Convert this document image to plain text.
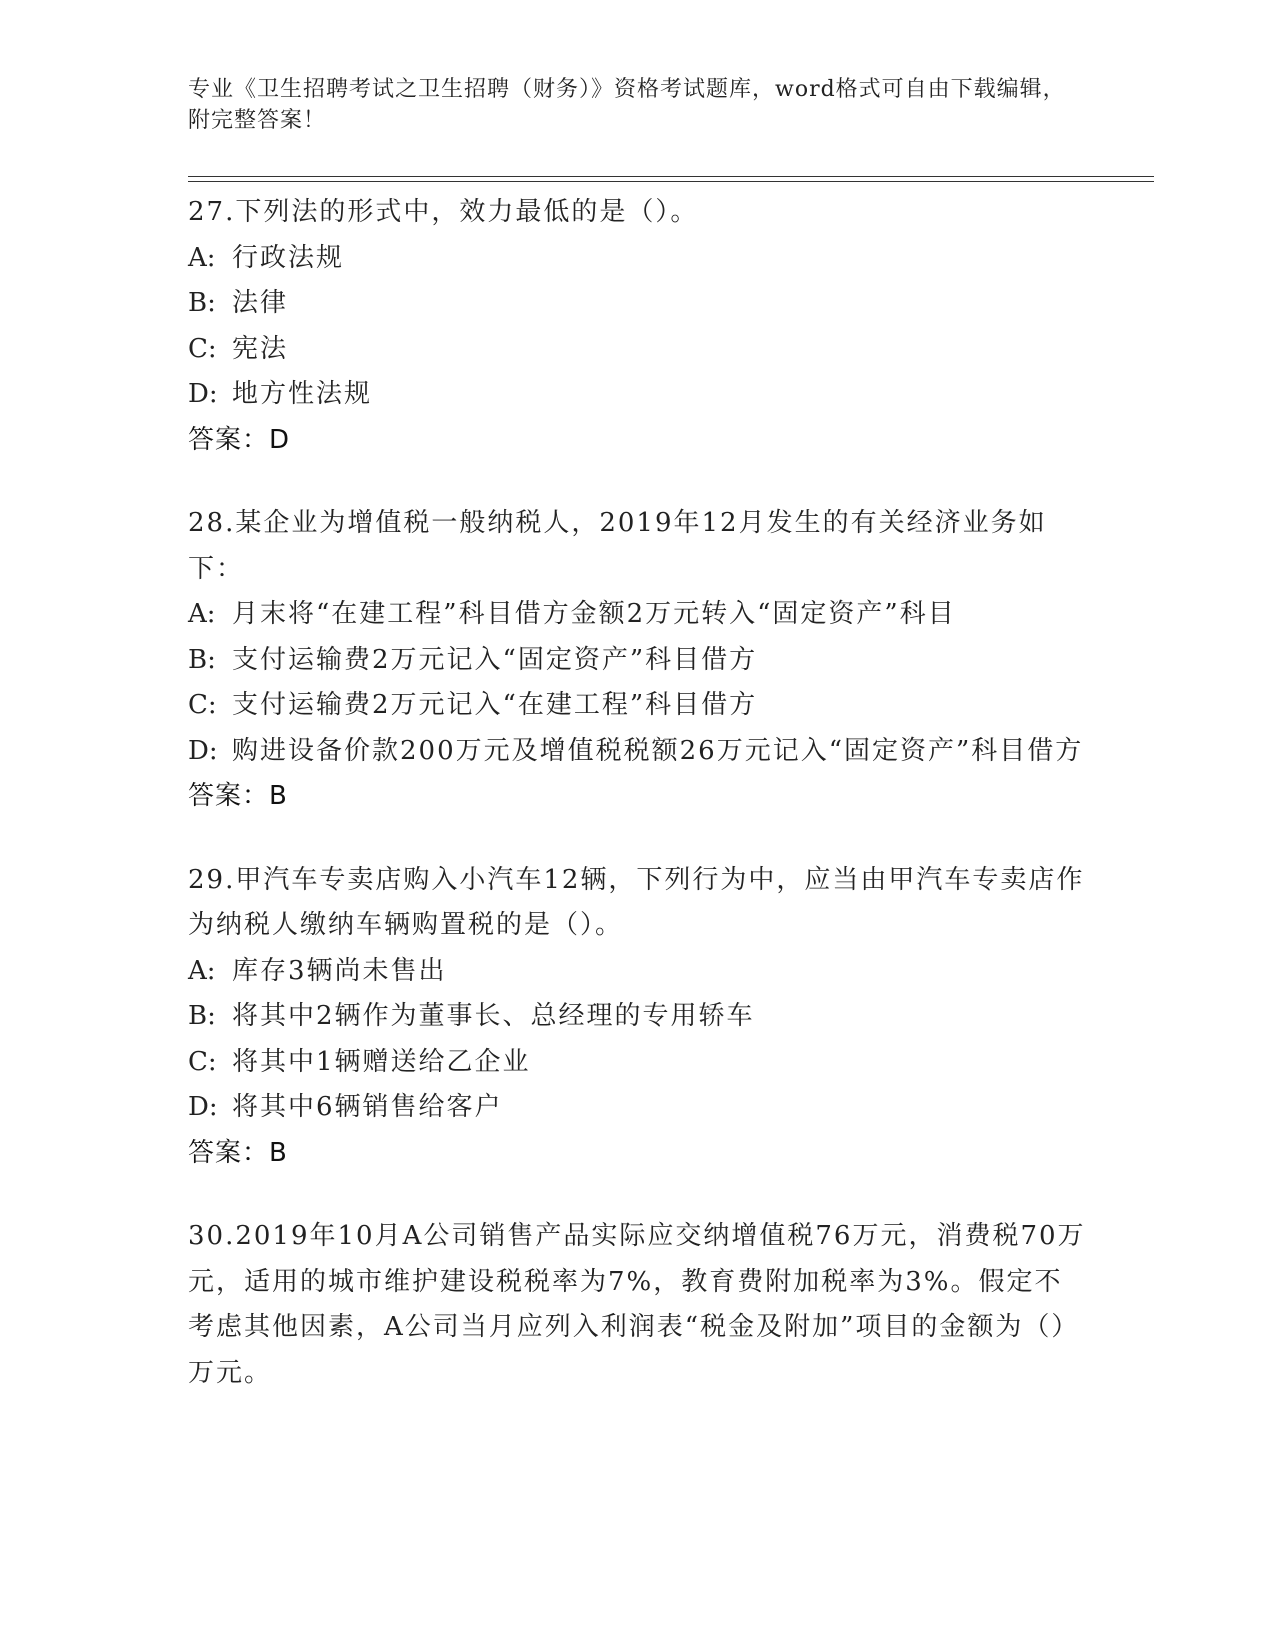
专业《卫生招聘考试之卫生招聘（财务）》资格考试题库，word格式可自由下载编辑，附完整答案！

27.下列法的形式中，效力最低的是（）。

A: 行政法规

B: 法律

C: 宪法

D: 地方性法规

答案：D

28.某企业为增值税一般纳税人，2019年12月发生的有关经济业务如下：

A: 月末将“在建工程”科目借方金额2万元转入“固定资产”科目

B: 支付运输费2万元记入“固定资产”科目借方

C: 支付运输费2万元记入“在建工程”科目借方

D: 购进设备价款200万元及增值税税额26万元记入“固定资产”科目借方

答案：B

29.甲汽车专卖店购入小汽车12辆，下列行为中，应当由甲汽车专卖店作为纳税人缴纳车辆购置税的是（）。

A: 库存3辆尚未售出

B: 将其中2辆作为董事长、总经理的专用轿车

C: 将其中1辆赠送给乙企业

D: 将其中6辆销售给客户

答案：B

30.2019年10月A公司销售产品实际应交纳增值税76万元，消费税70万元，适用的城市维护建设税税率为7%，教育费附加税率为3%。假定不考虑其他因素，A公司当月应列入利润表“税金及附加”项目的金额为（）万元。
